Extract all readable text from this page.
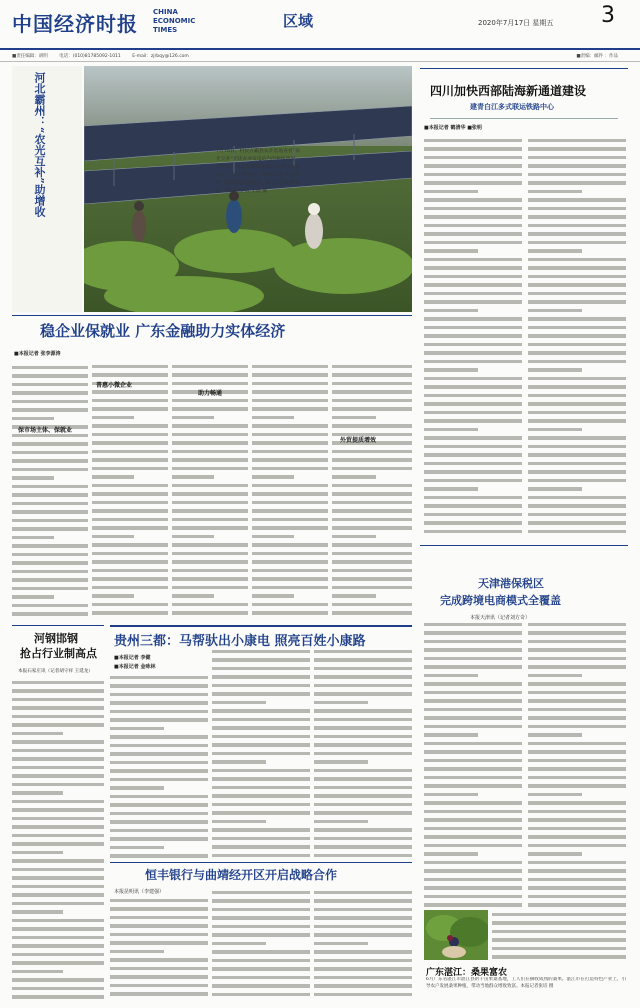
中国经济时报 CHINA
ECONOMIC
TIMES	区域	2020年7月17日 星期五	3
■责任编辑：胡明	电话：(010)81785092-1011	E-mail：zjrbqy@126.com	■责编：邮件 ：作品
河北霸州：“农光互补”助增收	7月16日，村民在霸县农业基地查看“农光互补”光伏农业发电站内的种植情况。近年来，河北省霸州市采用“农业+光伏+生产”的合作模式，积极推进“农光互补”光伏发电项目建设，助力农民增收致富。新华社记者 王晓 摄
稳企业保就业 广东金融助力实体经济
■本报记者 张李源涛
普惠小微企业
助力畅通
外贸提质增效
保市场主体、保就业
四川加快西部陆海新通道建设
建青白江多式联运铁路中心
■本报记者 鹤清华 ■张明
天津港保税区
完成跨境电商模式全覆盖
本报天津讯（记者刘方奇）
河钢邯钢
抢占行业制高点
本报石家庄讯（记者胡守祥 王延龙）
贵州三都：马帮驮出小康电 照亮百姓小康路
■本报记者 李健
■本报记者 金咏林
恒丰银行与曲靖经开区开启战略合作
本报昆明讯（李建强）
广东湛江：桑果富农
6月广东省湛江市湛江县的千亩果桑基地，工人们在摘收成熟的桑果。湛江市在打造特色产业上，引导农户发展桑果种植，带动当地群众增收致富。本报记者张培 摄
